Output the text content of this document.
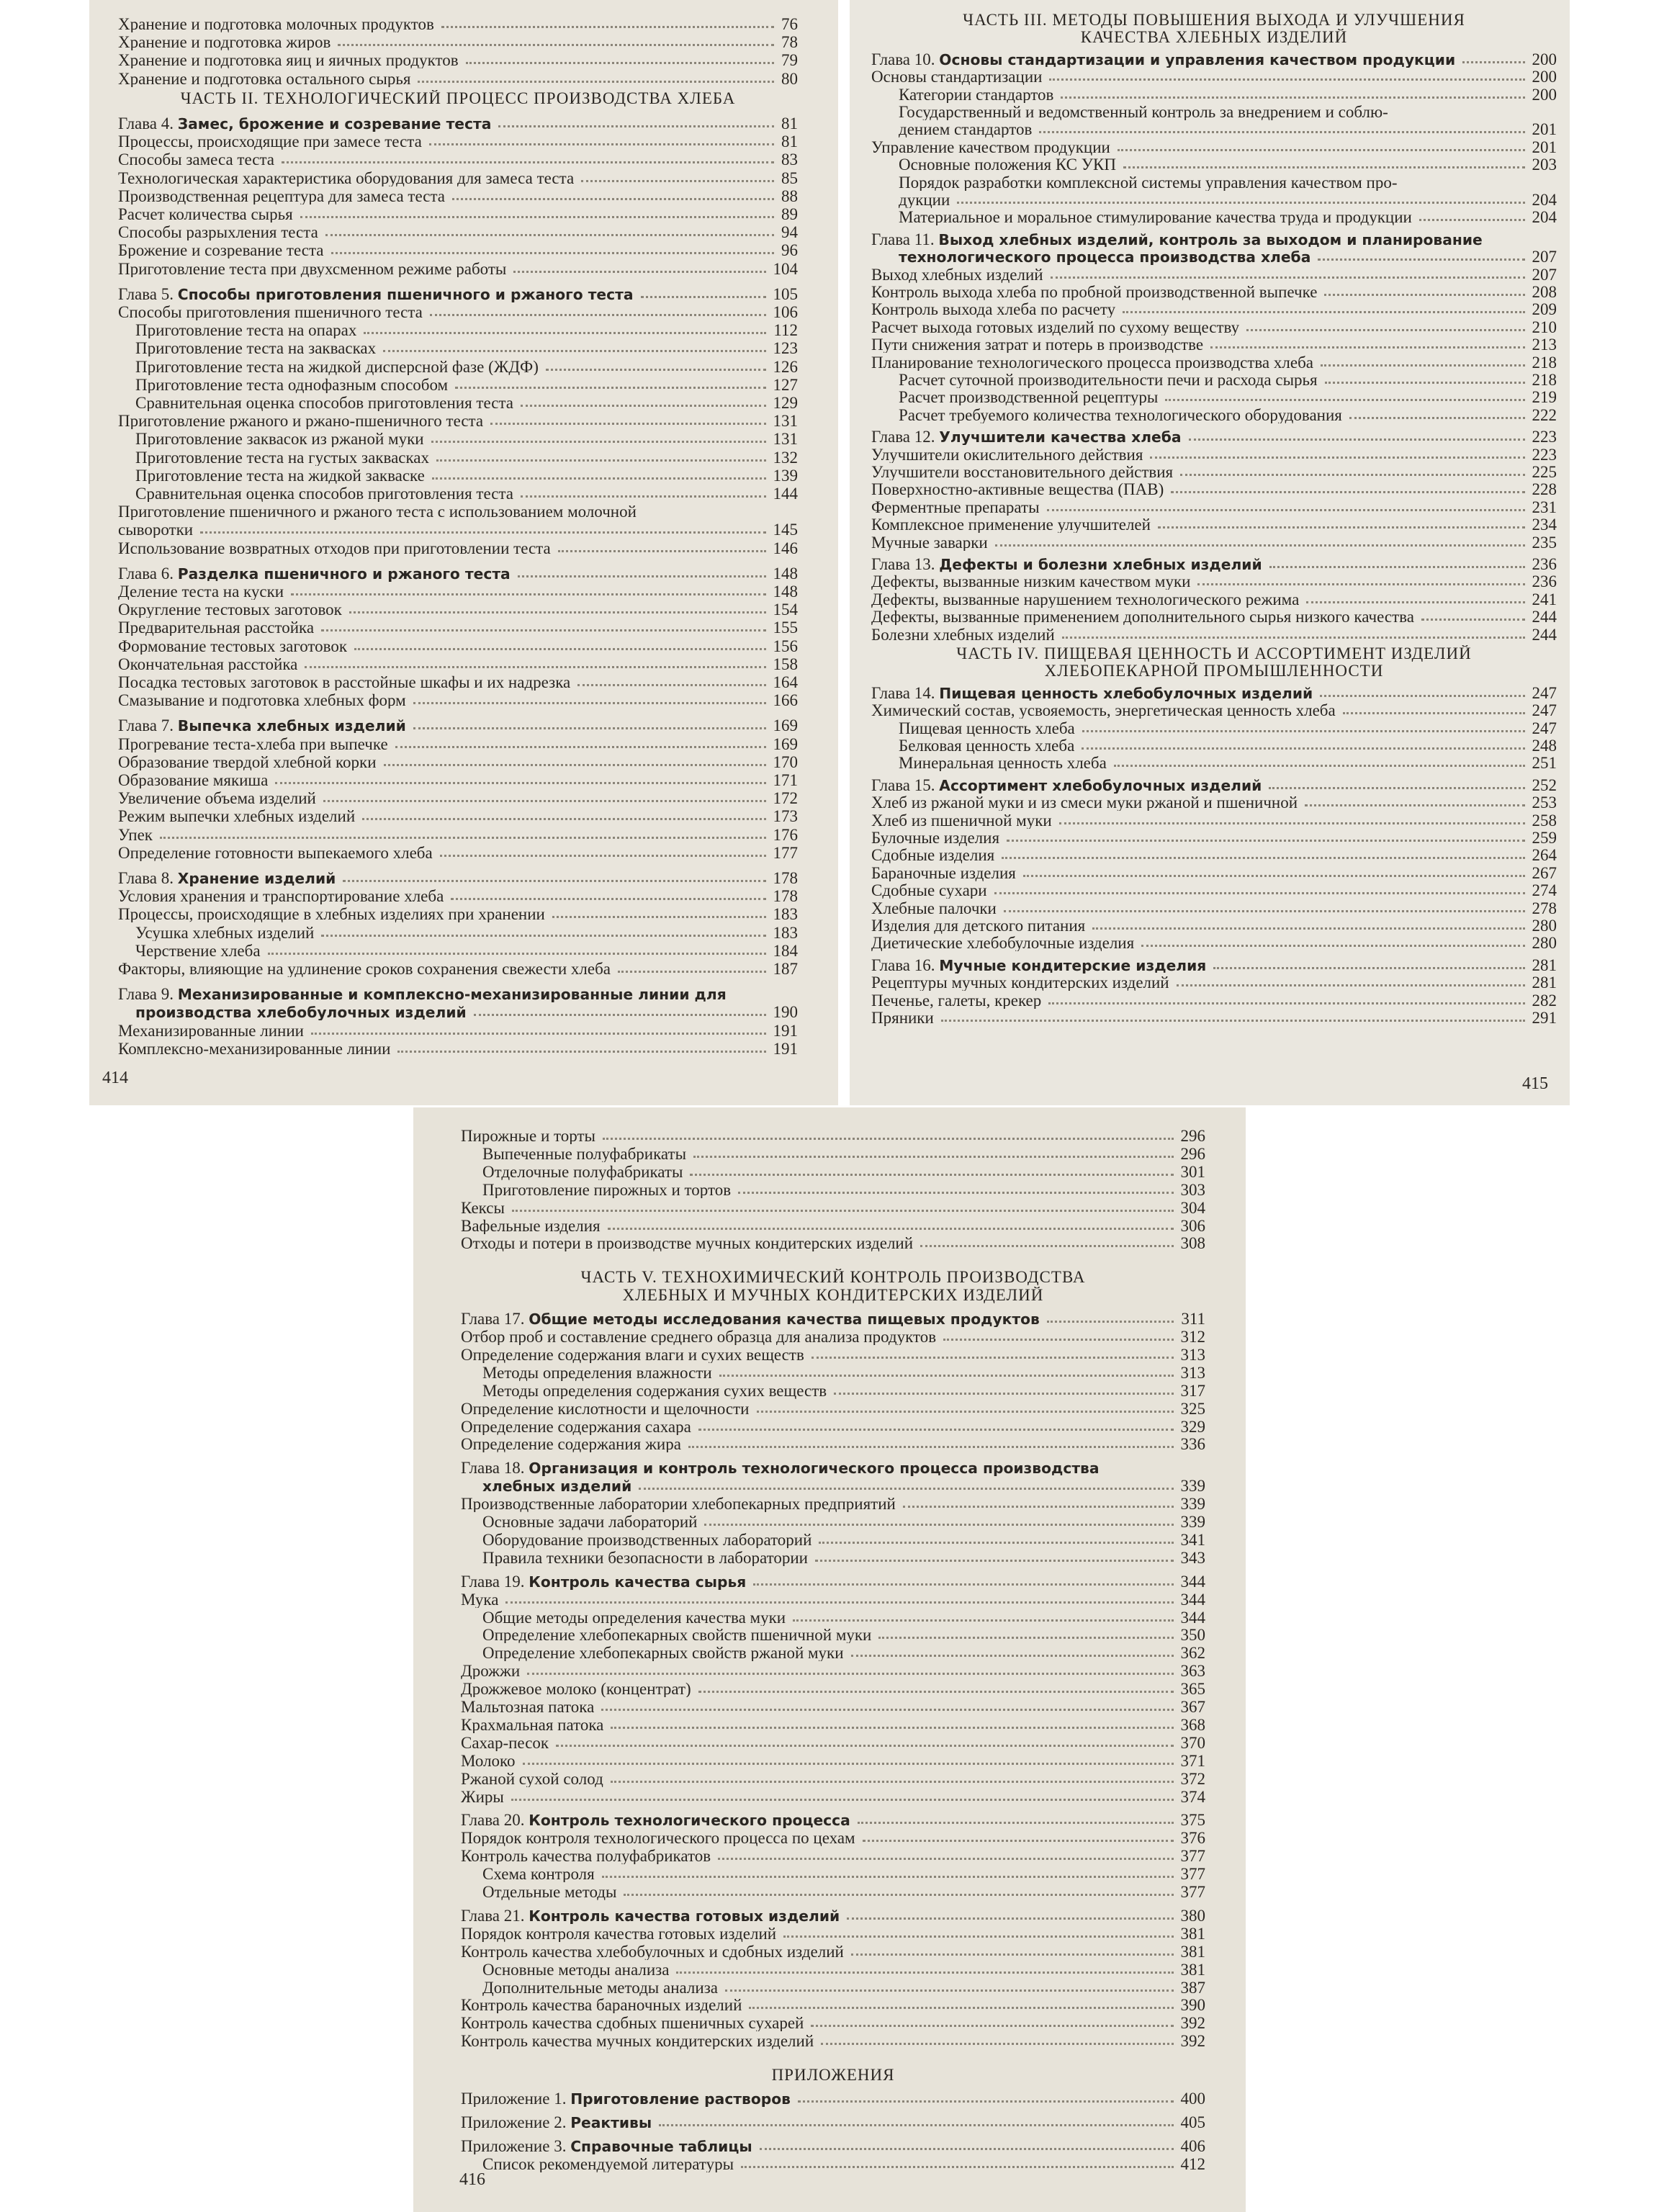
Хранение и подготовка молочных продуктов	76
Хранение и подготовка жиров	78
Хранение и подготовка яиц и яичных продуктов	79
Хранение и подготовка остального сырья	80
ЧАСТЬ II. ТЕХНОЛОГИЧЕСКИЙ ПРОЦЕСС ПРОИЗВОДСТВА ХЛЕБА
Глава 4. Замес, брожение и созревание теста	81
Процессы, происходящие при замесе теста	81
Способы замеса теста	83
Технологическая характеристика оборудования для замеса теста	85
Производственная рецептура для замеса теста	88
Расчет количества сырья	89
Способы разрыхления теста	94
Брожение и созревание теста	96
Приготовление теста при двухсменном режиме работы	104
Глава 5. Способы приготовления пшеничного и ржаного теста	105
Способы приготовления пшеничного теста	106
Приготовление теста на опарах	112
Приготовление теста на заквасках	123
Приготовление теста на жидкой дисперсной фазе (ЖДФ)	126
Приготовление теста однофазным способом	127
Сравнительная оценка способов приготовления теста	129
Приготовление ржаного и ржано-пшеничного теста	131
Приготовление заквасок из ржаной муки	131
Приготовление теста на густых заквасках	132
Приготовление теста на жидкой закваске	139
Сравнительная оценка способов приготовления теста	144
Приготовление пшеничного и ржаного теста с использованием молочной
сыворотки	145
Использование возвратных отходов при приготовлении теста	146
Глава 6. Разделка пшеничного и ржаного теста	148
Деление теста на куски	148
Округление тестовых заготовок	154
Предварительная расстойка	155
Формование тестовых заготовок	156
Окончательная расстойка	158
Посадка тестовых заготовок в расстойные шкафы и их надрезка	164
Смазывание и подготовка хлебных форм	166
Глава 7. Выпечка хлебных изделий	169
Прогревание теста-хлеба при выпечке	169
Образование твердой хлебной корки	170
Образование мякиша	171
Увеличение объема изделий	172
Режим выпечки хлебных изделий	173
Упек	176
Определение готовности выпекаемого хлеба	177
Глава 8. Хранение изделий	178
Условия хранения и транспортирование хлеба	178
Процессы, происходящие в хлебных изделиях при хранении	183
Усушка хлебных изделий	183
Черствение хлеба	184
Факторы, влияющие на удлинение сроков сохранения свежести хлеба	187
Глава 9. Механизированные и комплексно-механизированные линии для
производства хлебобулочных изделий	190
Механизированные линии	191
Комплексно-механизированные линии	191
414
ЧАСТЬ III. МЕТОДЫ ПОВЫШЕНИЯ ВЫХОДА И УЛУЧШЕНИЯ
КАЧЕСТВА ХЛЕБНЫХ ИЗДЕЛИЙ
Глава 10. Основы стандартизации и управления качеством продукции	200
Основы стандартизации	200
Категории стандартов	200
Государственный и ведомственный контроль за внедрением и соблю-
дением стандартов	201
Управление качеством продукции	201
Основные положения КС УКП	203
Порядок разработки комплексной системы управления качеством про-
дукции	204
Материальное и моральное стимулирование качества труда и продукции	204
Глава 11. Выход хлебных изделий, контроль за выходом и планирование
технологического процесса производства хлеба	207
Выход хлебных изделий	207
Контроль выхода хлеба по пробной производственной выпечке	208
Контроль выхода хлеба по расчету	209
Расчет выхода готовых изделий по сухому веществу	210
Пути снижения затрат и потерь в производстве	213
Планирование технологического процесса производства хлеба	218
Расчет суточной производительности печи и расхода сырья	218
Расчет производственной рецептуры	219
Расчет требуемого количества технологического оборудования	222
Глава 12. Улучшители качества хлеба	223
Улучшители окислительного действия	223
Улучшители восстановительного действия	225
Поверхностно-активные вещества (ПАВ)	228
Ферментные препараты	231
Комплексное применение улучшителей	234
Мучные заварки	235
Глава 13. Дефекты и болезни хлебных изделий	236
Дефекты, вызванные низким качеством муки	236
Дефекты, вызванные нарушением технологического режима	241
Дефекты, вызванные применением дополнительного сырья низкого качества	244
Болезни хлебных изделий	244
ЧАСТЬ IV. ПИЩЕВАЯ ЦЕННОСТЬ И АССОРТИМЕНТ ИЗДЕЛИЙ
ХЛЕБОПЕКАРНОЙ ПРОМЫШЛЕННОСТИ
Глава 14. Пищевая ценность хлебобулочных изделий	247
Химический состав, усвояемость, энергетическая ценность хлеба	247
Пищевая ценность хлеба	247
Белковая ценность хлеба	248
Минеральная ценность хлеба	251
Глава 15. Ассортимент хлебобулочных изделий	252
Хлеб из ржаной муки и из смеси муки ржаной и пшеничной	253
Хлеб из пшеничной муки	258
Булочные изделия	259
Сдобные изделия	264
Бараночные изделия	267
Сдобные сухари	274
Хлебные палочки	278
Изделия для детского питания	280
Диетические хлебобулочные изделия	280
Глава 16. Мучные кондитерские изделия	281
Рецептуры мучных кондитерских изделий	281
Печенье, галеты, крекер	282
Пряники	291
415
Пирожные и торты	296
Выпеченные полуфабрикаты	296
Отделочные полуфабрикаты	301
Приготовление пирожных и тортов	303
Кексы	304
Вафельные изделия	306
Отходы и потери в производстве мучных кондитерских изделий	308
ЧАСТЬ V. ТЕХНОХИМИЧЕСКИЙ КОНТРОЛЬ ПРОИЗВОДСТВА
ХЛЕБНЫХ И МУЧНЫХ КОНДИТЕРСКИХ ИЗДЕЛИЙ
Глава 17. Общие методы исследования качества пищевых продуктов	311
Отбор проб и составление среднего образца для анализа продуктов	312
Определение содержания влаги и сухих веществ	313
Методы определения влажности	313
Методы определения содержания сухих веществ	317
Определение кислотности и щелочности	325
Определение содержания сахара	329
Определение содержания жира	336
Глава 18. Организация и контроль технологического процесса производства
хлебных изделий	339
Производственные лаборатории хлебопекарных предприятий	339
Основные задачи лабораторий	339
Оборудование производственных лабораторий	341
Правила техники безопасности в лаборатории	343
Глава 19. Контроль качества сырья	344
Мука	344
Общие методы определения качества муки	344
Определение хлебопекарных свойств пшеничной муки	350
Определение хлебопекарных свойств ржаной муки	362
Дрожжи	363
Дрожжевое молоко (концентрат)	365
Мальтозная патока	367
Крахмальная патока	368
Сахар-песок	370
Молоко	371
Ржаной сухой солод	372
Жиры	374
Глава 20. Контроль технологического процесса	375
Порядок контроля технологического процесса по цехам	376
Контроль качества полуфабрикатов	377
Схема контроля	377
Отдельные методы	377
Глава 21. Контроль качества готовых изделий	380
Порядок контроля качества готовых изделий	381
Контроль качества хлебобулочных и сдобных изделий	381
Основные методы анализа	381
Дополнительные методы анализа	387
Контроль качества бараночных изделий	390
Контроль качества сдобных пшеничных сухарей	392
Контроль качества мучных кондитерских изделий	392
ПРИЛОЖЕНИЯ
Приложение 1. Приготовление растворов	400
Приложение 2. Реактивы	405
Приложение 3. Справочные таблицы	406
Список рекомендуемой литературы	412
416
